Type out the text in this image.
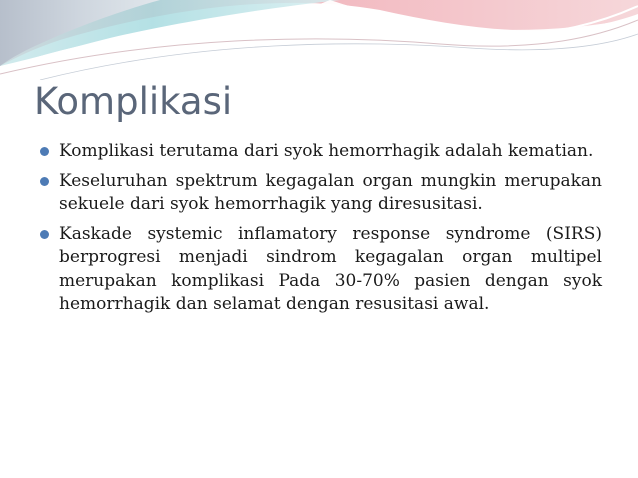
Komplikasi
Komplikasi terutama dari syok hemorrhagik adalah kematian.
Keseluruhan spektrum kegagalan organ mungkin merupakan sekuele dari syok hemorrhagik yang diresusitasi.
Kaskade systemic inflamatory response syndrome (SIRS) berprogresi menjadi sindrom kegagalan organ multipel merupakan komplikasi Pada 30-70% pasien dengan syok hemorrhagik dan selamat dengan resusitasi awal.
